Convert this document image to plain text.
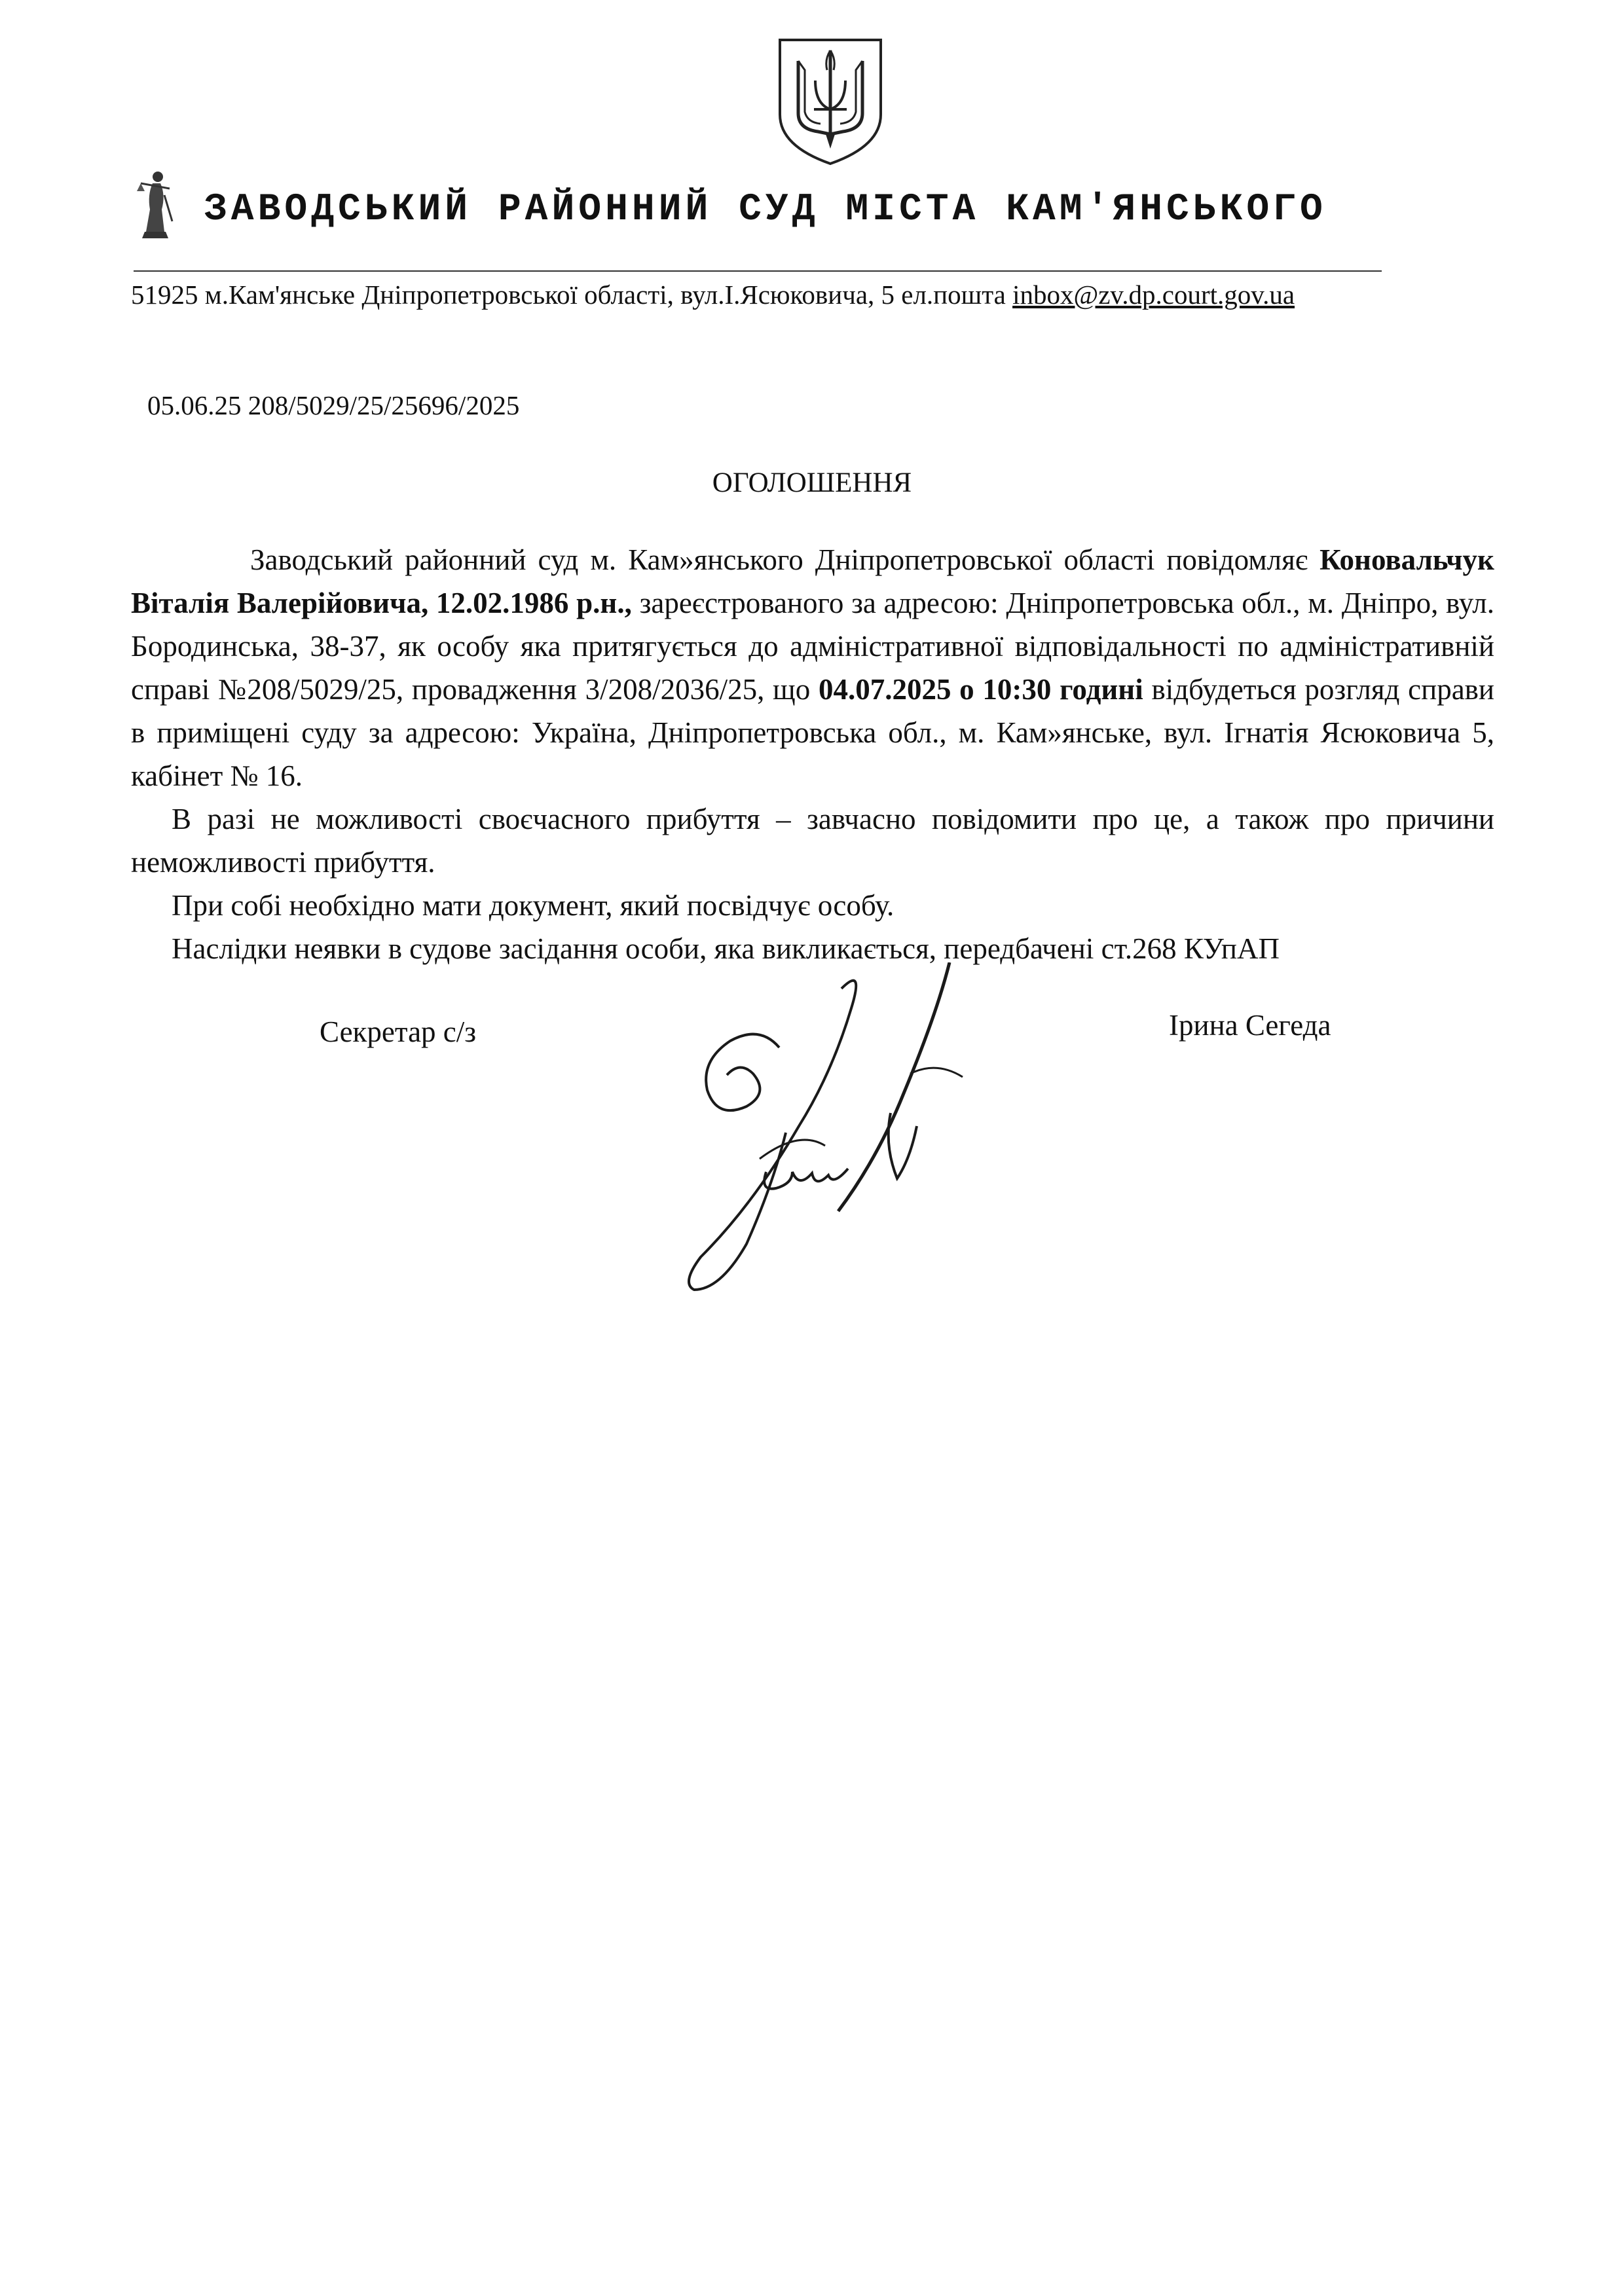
ЗАВОДСЬКИЙ РАЙОННИЙ СУД МІСТА КАМ'ЯНСЬКОГО
51925 м.Кам'янське Дніпропетровської області, вул.І.Ясюковича, 5 ел.пошта inbox@zv.dp.court.gov.ua
05.06.25 208/5029/25/25696/2025
ОГОЛОШЕННЯ

Заводський районний суд м. Кам»янського Дніпропетровської області повідомляє Коновальчук Віталія Валерійовича, 12.02.1986 р.н., зареєстрованого за адресою: Дніпропетровська обл., м. Дніпро, вул. Бородинська, 38-37, як особу яка притягується до адміністративної відповідальності по адміністративній справі №208/5029/25, провадження 3/208/2036/25, що 04.07.2025 о 10:30 годині відбудеться розгляд справи в приміщені суду за адресою: Україна, Дніпропетровська обл., м. Кам»янське, вул. Ігнатія Ясюковича 5, кабінет № 16.

В разі не можливості своєчасного прибуття – завчасно повідомити про це, а також про причини неможливості прибуття.

При собі необхідно мати документ, який посвідчує особу.

Наслідки неявки в судове засідання особи, яка викликається, передбачені ст.268 КУпАП

Секретар с/з	Ірина Сегеда
